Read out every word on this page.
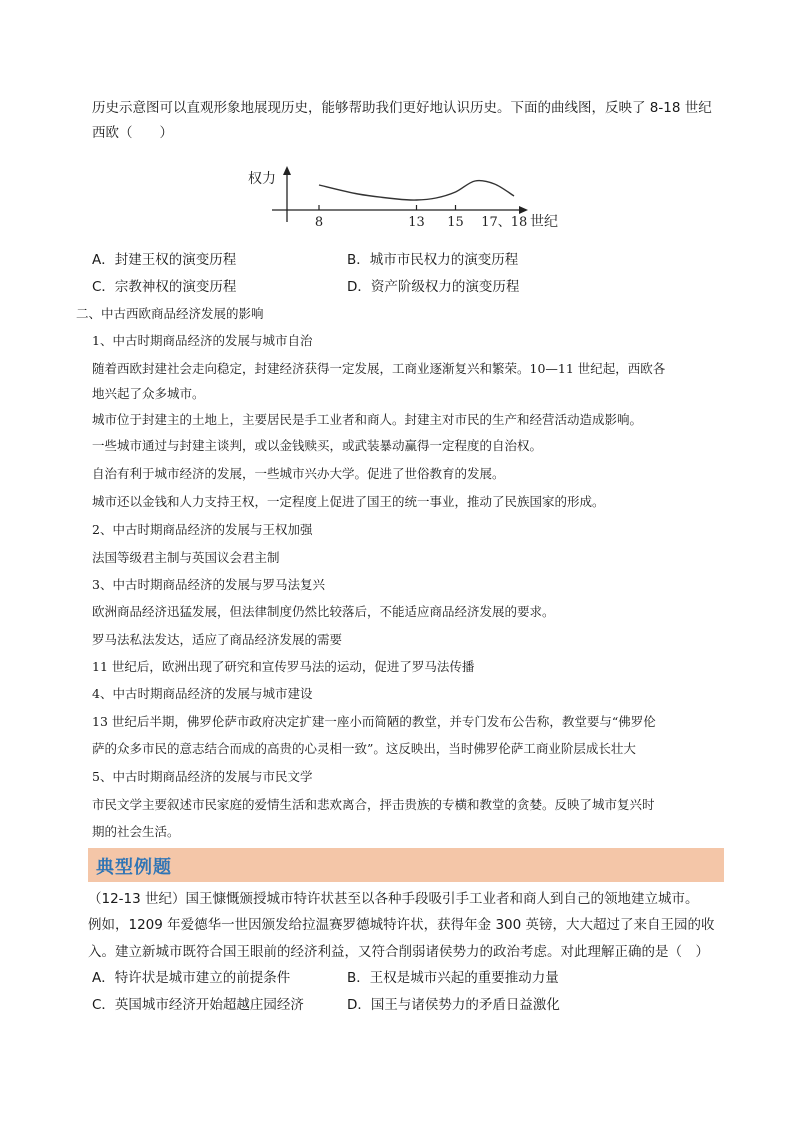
历史示意图可以直观形象地展现历史，能够帮助我们更好地认识历史。下面的曲线图，反映了 8-18 世纪
西欧（　　）
权力
世纪
8	13 15 17、18
A．封建王权的演变历程	B．城市市民权力的演变历程
C．宗教神权的演变历程	D．资产阶级权力的演变历程
二、中古西欧商品经济发展的影响
1、中古时期商品经济的发展与城市自治
随着西欧封建社会走向稳定，封建经济获得一定发展，工商业逐渐复兴和繁荣。10—11 世纪起，西欧各
地兴起了众多城市。
城市位于封建主的土地上，主要居民是手工业者和商人。封建主对市民的生产和经营活动造成影响。
一些城市通过与封建主谈判，或以金钱赎买，或武装暴动赢得一定程度的自治权。
自治有利于城市经济的发展，一些城市兴办大学。促进了世俗教育的发展。
城市还以金钱和人力支持王权，一定程度上促进了国王的统一事业，推动了民族国家的形成。
2、中古时期商品经济的发展与王权加强
法国等级君主制与英国议会君主制
3、中古时期商品经济的发展与罗马法复兴
欧洲商品经济迅猛发展，但法律制度仍然比较落后，不能适应商品经济发展的要求。
罗马法私法发达，适应了商品经济发展的需要
11 世纪后，欧洲出现了研究和宣传罗马法的运动，促进了罗马法传播
4、中古时期商品经济的发展与城市建设
13 世纪后半期，佛罗伦萨市政府决定扩建一座小而简陋的教堂，并专门发布公告称，教堂要与“佛罗伦
萨的众多市民的意志结合而成的高贵的心灵相一致”。这反映出，当时佛罗伦萨工商业阶层成长壮大
5、中古时期商品经济的发展与市民文学
市民文学主要叙述市民家庭的爱情生活和悲欢离合，抨击贵族的专横和教堂的贪婪。反映了城市复兴时
期的社会生活。
典型例题
（12-13 世纪）国王慷慨颁授城市特许状甚至以各种手段吸引手工业者和商人到自己的领地建立城市。
例如，1209 年爱德华一世因颁发给拉温赛罗德城特许状，获得年金 300 英镑，大大超过了来自王园的收
入。建立新城市既符合国王眼前的经济利益，又符合削弱诸侯势力的政治考虑。对此理解正确的是（　）
A．特许状是城市建立的前提条件	B．王权是城市兴起的重要推动力量
C．英国城市经济开始超越庄园经济	D．国王与诸侯势力的矛盾日益激化
